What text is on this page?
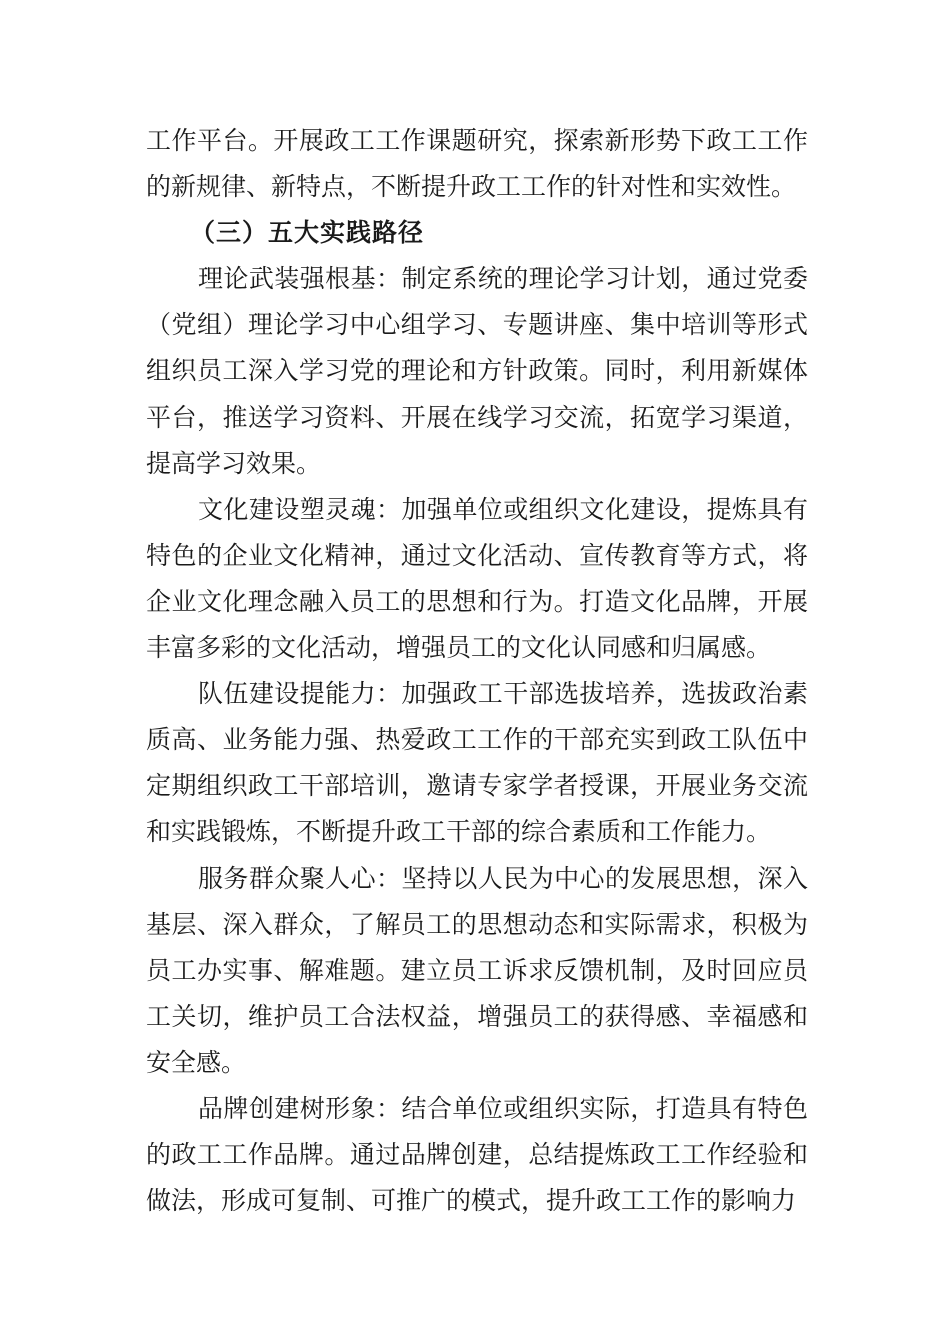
工作平台。开展政工工作课题研究，探索新形势下政工工作的新规律、新特点，不断提升政工工作的针对性和实效性。

（三）五大实践路径

理论武装强根基：制定系统的理论学习计划，通过党委（党组）理论学习中心组学习、专题讲座、集中培训等形式组织员工深入学习党的理论和方针政策。同时，利用新媒体平台，推送学习资料、开展在线学习交流，拓宽学习渠道，提高学习效果。

文化建设塑灵魂：加强单位或组织文化建设，提炼具有特色的企业文化精神，通过文化活动、宣传教育等方式，将企业文化理念融入员工的思想和行为。打造文化品牌，开展丰富多彩的文化活动，增强员工的文化认同感和归属感。

队伍建设提能力：加强政工干部选拔培养，选拔政治素质高、业务能力强、热爱政工工作的干部充实到政工队伍中定期组织政工干部培训，邀请专家学者授课，开展业务交流和实践锻炼，不断提升政工干部的综合素质和工作能力。

服务群众聚人心：坚持以人民为中心的发展思想，深入基层、深入群众，了解员工的思想动态和实际需求，积极为员工办实事、解难题。建立员工诉求反馈机制，及时回应员工关切，维护员工合法权益，增强员工的获得感、幸福感和安全感。

品牌创建树形象：结合单位或组织实际，打造具有特色的政工工作品牌。通过品牌创建，总结提炼政工工作经验和做法，形成可复制、可推广的模式，提升政工工作的影响力
